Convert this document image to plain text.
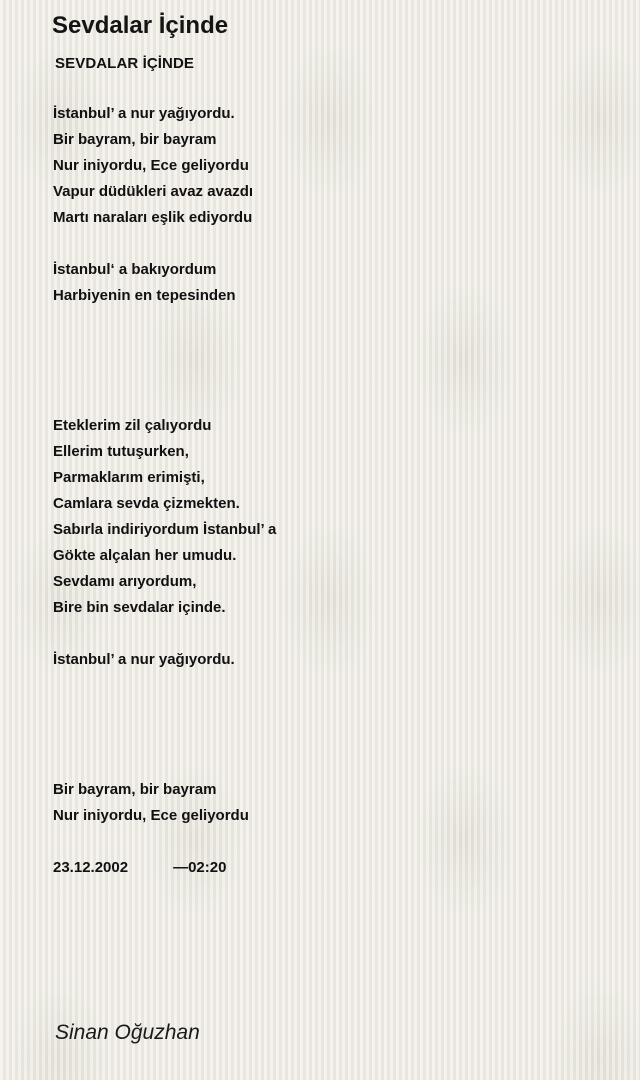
Sevdalar İçinde
SEVDALAR İÇİNDE
İstanbul’ a nur yağıyordu.
Bir bayram, bir bayram
Nur iniyordu, Ece geliyordu
Vapur düdükleri avaz avazdı
Martı naraları eşlik ediyordu
İstanbul‘ a bakıyordum
Harbiyenin en tepesinden
Eteklerim zil çalıyordu
Ellerim tutuşurken,
Parmaklarım erimişti,
Camlara sevda çizmekten.
Sabırla indiriyordum İstanbul’ a
Gökte alçalan her umudu.
Sevdamı arıyordum,
Bire bin sevdalar içinde.
İstanbul’ a nur yağıyordu.
Bir bayram, bir bayram
Nur iniyordu, Ece geliyordu
23.12.2002	—02:20
Sinan Oğuzhan
